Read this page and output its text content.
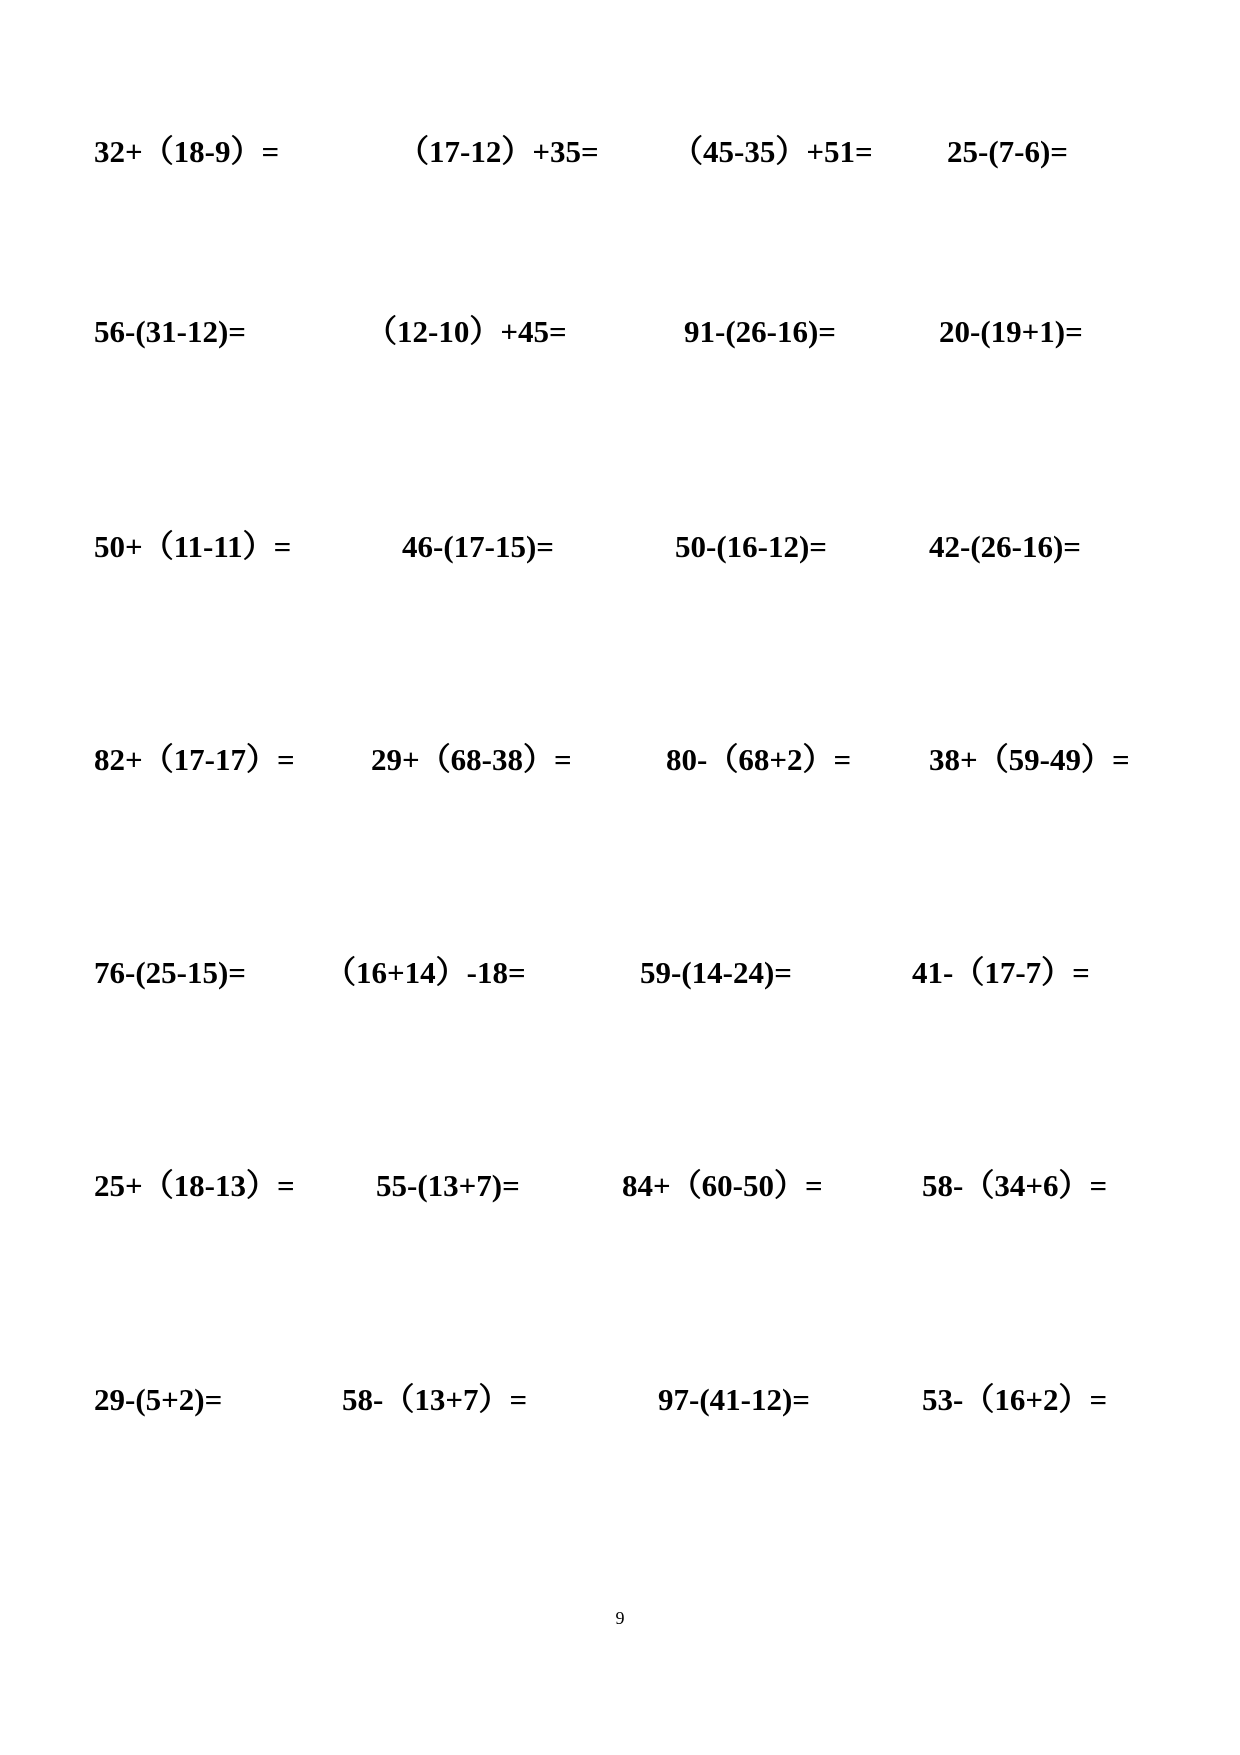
32+（18-9）=	（17-12）+35= （45-35）+51= 25-(7-6)=
56-(31-12)=	（12-10）+45=	91-(26-16)=	20-(19+1)=
50+（11-11）=	46-(17-15)=	50-(16-12)=	42-(26-16)=
82+（17-17）= 29+（68-38）=	80-（68+2）=	38+（59-49）=
76-(25-15)=	（16+14）-18=	59-(14-24)=	41-（17-7）=
25+（18-13）=	55-(13+7)=	84+（60-50）=	58-（34+6）=
29-(5+2)=	58-（13+7）=	97-(41-12)=	53-（16+2）=
9
